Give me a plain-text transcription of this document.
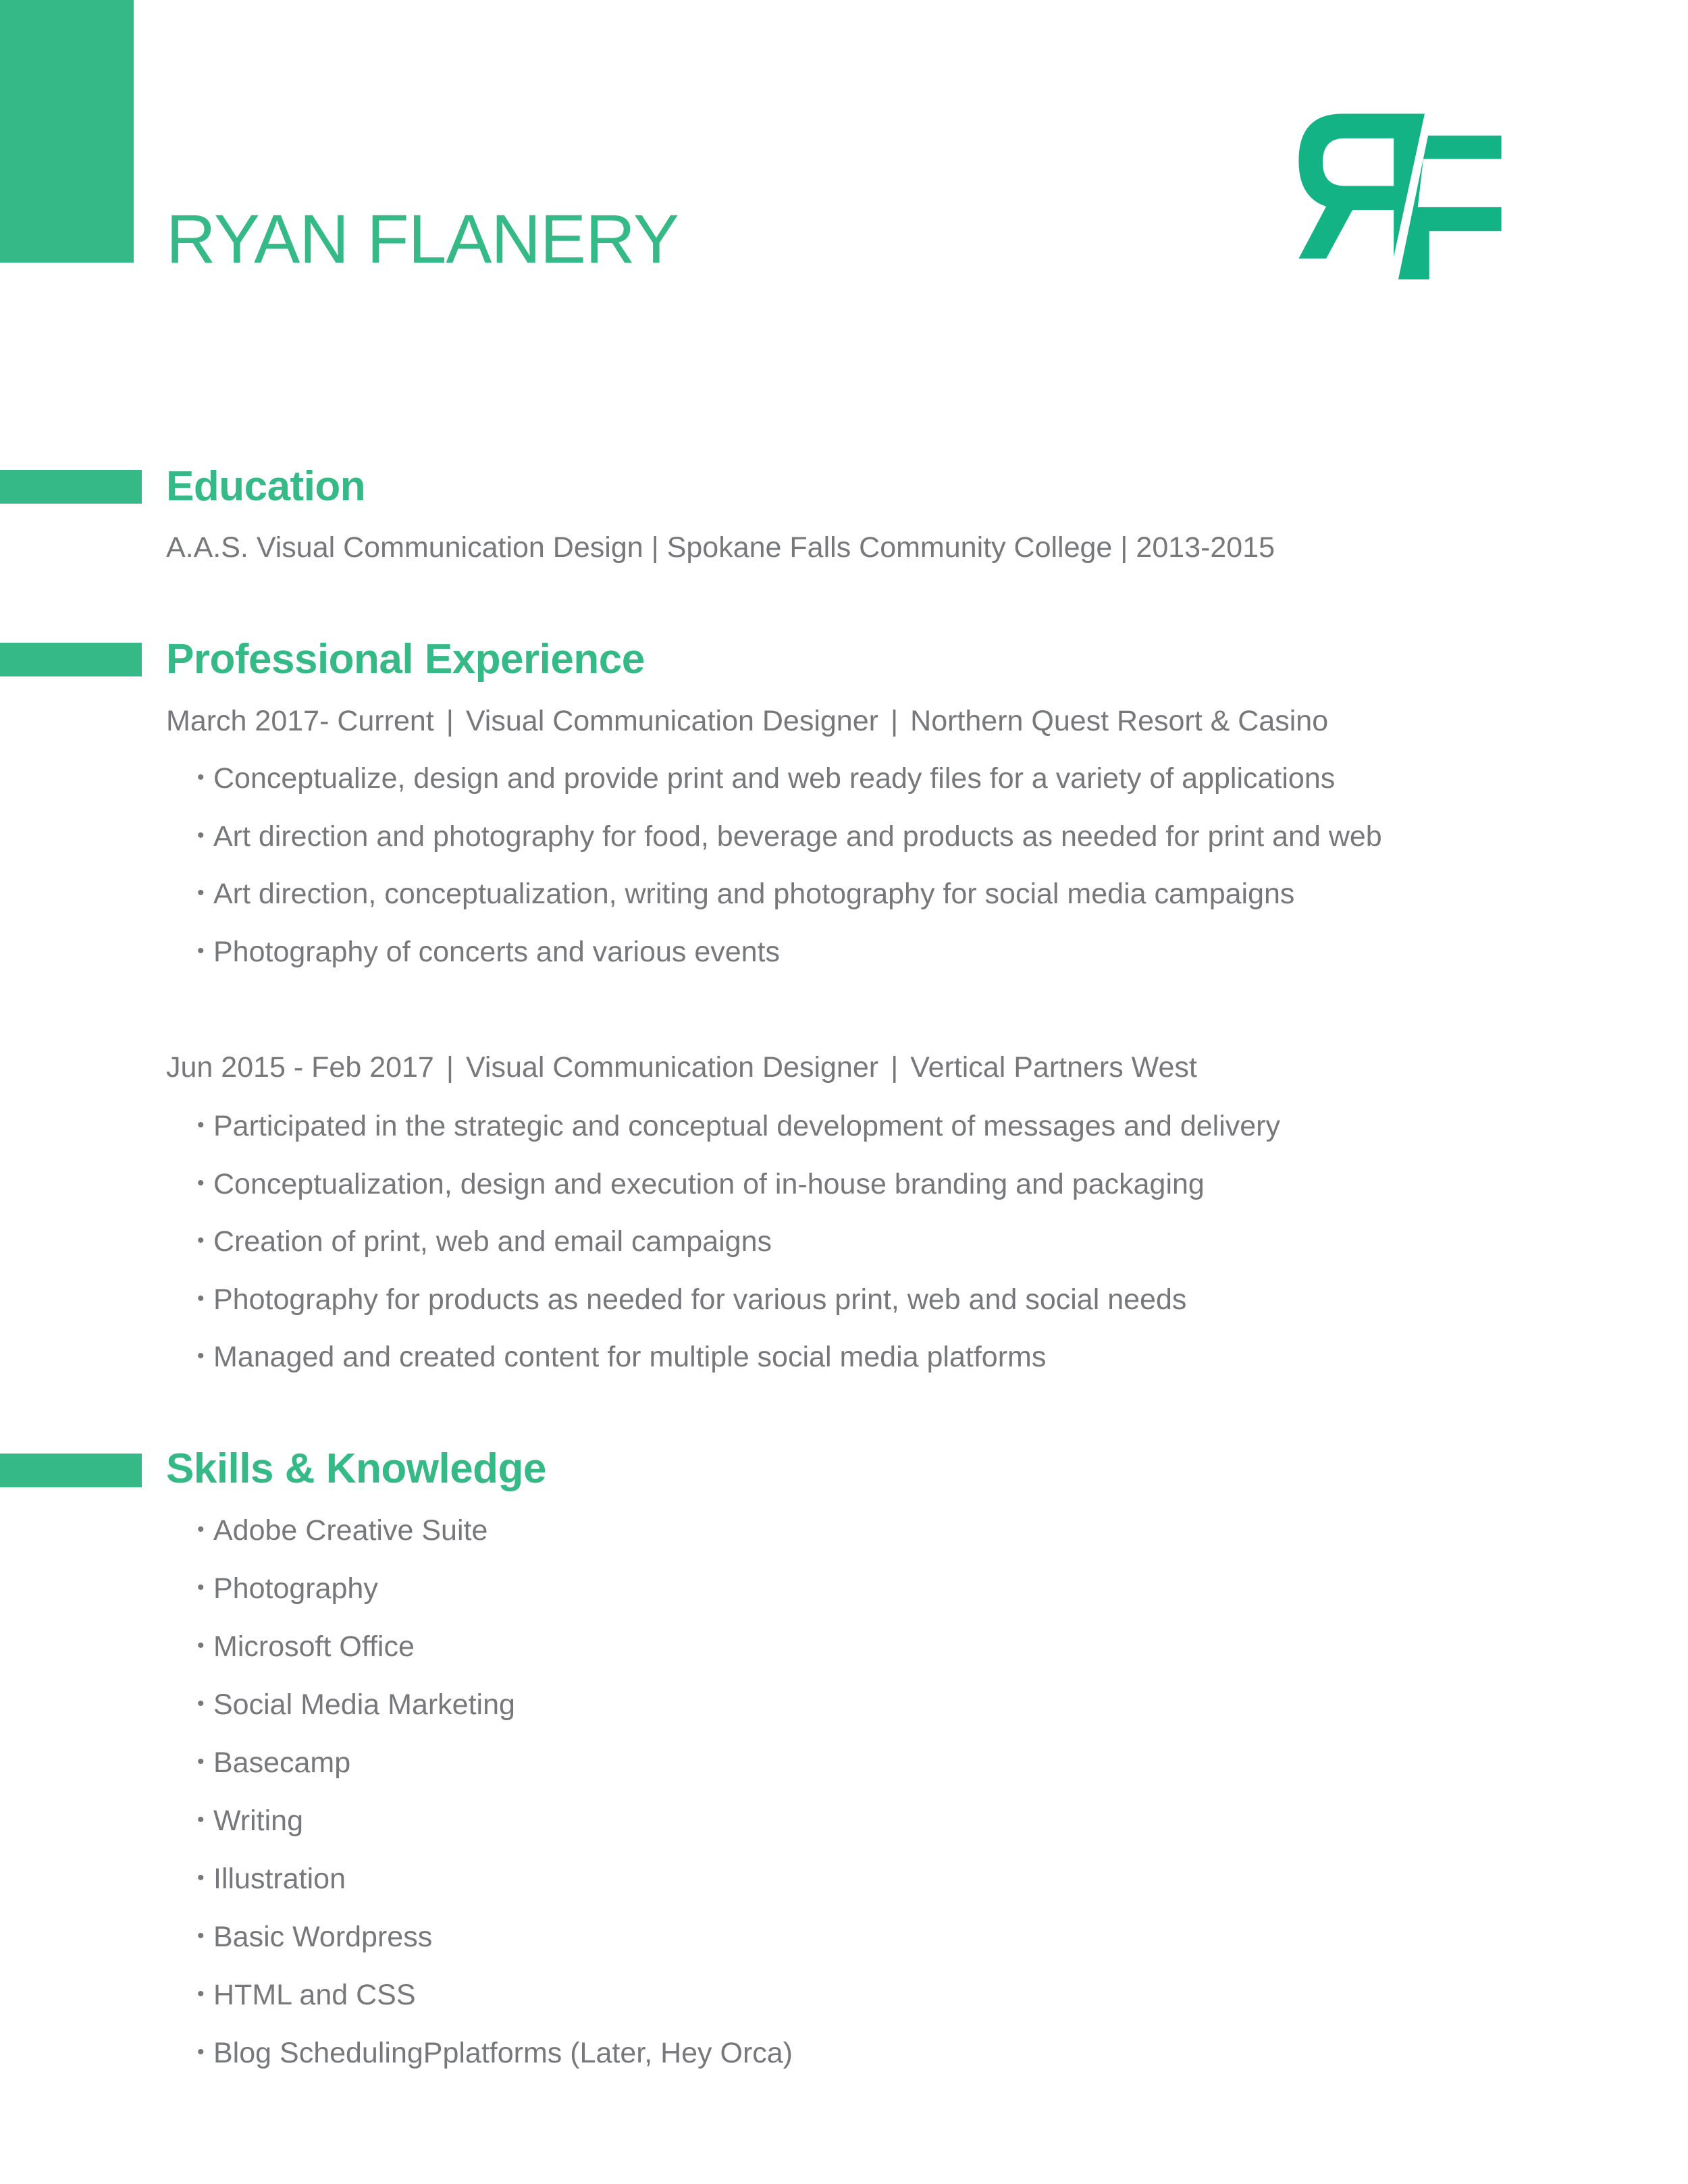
RYAN FLANERY
Education
A.A.S. Visual Communication Design | Spokane Falls Community College | 2013-2015
Professional Experience
March 2017- Current | Visual Communication Designer | Northern Quest Resort & Casino
• Conceptualize, design and provide print and web ready files for a variety of applications
• Art direction and photography for food, beverage and products as needed for print and web
• Art direction, conceptualization, writing and photography for social media campaigns
• Photography of concerts and various events
Jun 2015 - Feb 2017 | Visual Communication Designer | Vertical Partners West
• Participated in the strategic and conceptual development of messages and delivery
• Conceptualization, design and execution of in-house branding and packaging
• Creation of print, web and email campaigns
• Photography for products as needed for various print, web and social needs
• Managed and created content for multiple social media platforms
Skills & Knowledge
• Adobe Creative Suite
• Photography
• Microsoft Office
• Social Media Marketing
• Basecamp
• Writing
• Illustration
• Basic Wordpress
• HTML and CSS
• Blog SchedulingPplatforms (Later, Hey Orca)
